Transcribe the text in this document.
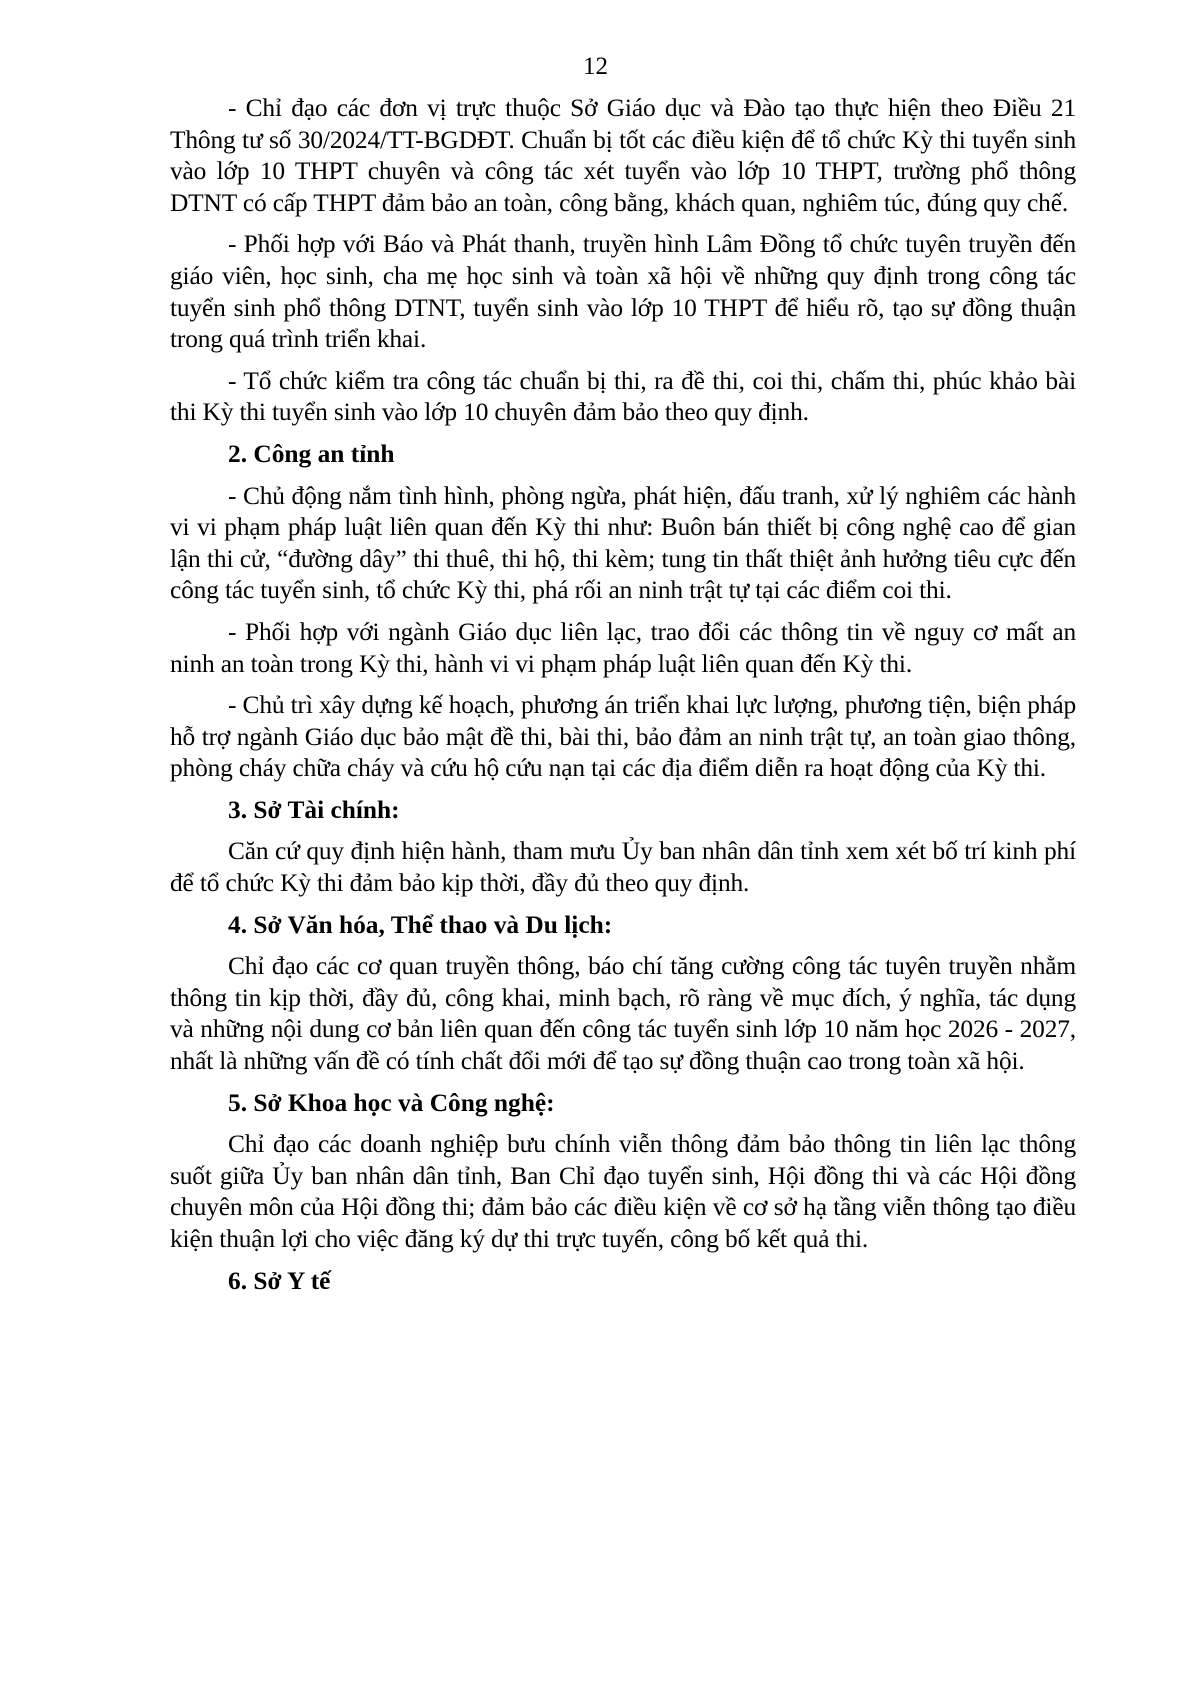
12

- Chỉ đạo các đơn vị trực thuộc Sở Giáo dục và Đào tạo thực hiện theo Điều 21 Thông tư số 30/2024/TT-BGDĐT. Chuẩn bị tốt các điều kiện để tổ chức Kỳ thi tuyển sinh vào lớp 10 THPT chuyên và công tác xét tuyển vào lớp 10 THPT, trường phổ thông DTNT có cấp THPT đảm bảo an toàn, công bằng, khách quan, nghiêm túc, đúng quy chế.

- Phối hợp với Báo và Phát thanh, truyền hình Lâm Đồng tổ chức tuyên truyền đến giáo viên, học sinh, cha mẹ học sinh và toàn xã hội về những quy định trong công tác tuyển sinh phổ thông DTNT, tuyển sinh vào lớp 10 THPT để hiểu rõ, tạo sự đồng thuận trong quá trình triển khai.

- Tổ chức kiểm tra công tác chuẩn bị thi, ra đề thi, coi thi, chấm thi, phúc khảo bài thi Kỳ thi tuyển sinh vào lớp 10 chuyên đảm bảo theo quy định.

2. Công an tỉnh

- Chủ động nắm tình hình, phòng ngừa, phát hiện, đấu tranh, xử lý nghiêm các hành vi vi phạm pháp luật liên quan đến Kỳ thi như: Buôn bán thiết bị công nghệ cao để gian lận thi cử, “đường dây” thi thuê, thi hộ, thi kèm; tung tin thất thiệt ảnh hưởng tiêu cực đến công tác tuyển sinh, tổ chức Kỳ thi, phá rối an ninh trật tự tại các điểm coi thi.

- Phối hợp với ngành Giáo dục liên lạc, trao đổi các thông tin về nguy cơ mất an ninh an toàn trong Kỳ thi, hành vi vi phạm pháp luật liên quan đến Kỳ thi.

- Chủ trì xây dựng kế hoạch, phương án triển khai lực lượng, phương tiện, biện pháp hỗ trợ ngành Giáo dục bảo mật đề thi, bài thi, bảo đảm an ninh trật tự, an toàn giao thông, phòng cháy chữa cháy và cứu hộ cứu nạn tại các địa điểm diễn ra hoạt động của Kỳ thi.

3. Sở Tài chính:

Căn cứ quy định hiện hành, tham mưu Ủy ban nhân dân tỉnh xem xét bố trí kinh phí để tổ chức Kỳ thi đảm bảo kịp thời, đầy đủ theo quy định.

4. Sở Văn hóa, Thể thao và Du lịch:

Chỉ đạo các cơ quan truyền thông, báo chí tăng cường công tác tuyên truyền nhằm thông tin kịp thời, đầy đủ, công khai, minh bạch, rõ ràng về mục đích, ý nghĩa, tác dụng và những nội dung cơ bản liên quan đến công tác tuyển sinh lớp 10 năm học 2026 - 2027, nhất là những vấn đề có tính chất đổi mới để tạo sự đồng thuận cao trong toàn xã hội.

5. Sở Khoa học và Công nghệ:

Chỉ đạo các doanh nghiệp bưu chính viễn thông đảm bảo thông tin liên lạc thông suốt giữa Ủy ban nhân dân tỉnh, Ban Chỉ đạo tuyển sinh, Hội đồng thi và các Hội đồng chuyên môn của Hội đồng thi; đảm bảo các điều kiện về cơ sở hạ tầng viễn thông tạo điều kiện thuận lợi cho việc đăng ký dự thi trực tuyến, công bố kết quả thi.

6. Sở Y tế
